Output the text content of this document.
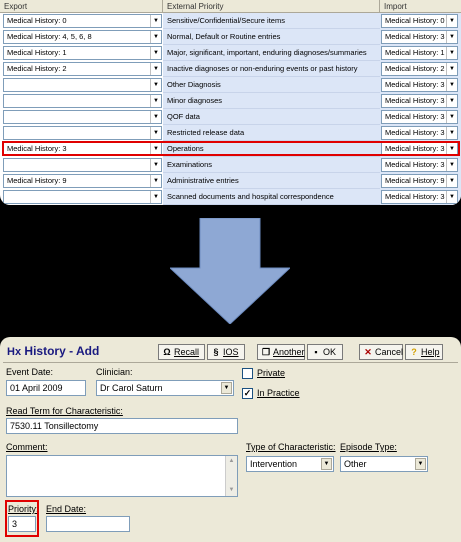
Export	External Priority	Import
Medical History: 0	▼	Sensitive/Confidential/Secure items	Medical History: 0 ▼
Medical History: 4, 5, 6, 8	▼	Normal, Default or Routine entries	Medical History: 3 ▼
Medical History: 1	▼	Major, significant, important, enduring diagnoses/summaries	Medical History: 1 ▼
Medical History: 2	▼	Inactive diagnoses or non-enduring events or past history	Medical History: 2 ▼
▼	Other Diagnosis	Medical History: 3 ▼
▼	Minor diagnoses	Medical History: 3 ▼
▼	QOF data	Medical History: 3 ▼
▼	Restricted release data	Medical History: 3 ▼
Medical History: 3	▼	Operations	Medical History: 3 ▼
▼	Examinations	Medical History: 3 ▼
Medical History: 9	▼	Administrative entries	Medical History: 9 ▼
▼	Scanned documents and hospital correspondence	Medical History: 3 ▼
Hx History - Add	Ω Recall	§ IOS	❐ Another	▪ OK	✕ Cancel ? Help
Event Date:
01 April 2009
Clinician:
Dr Carol Saturn	▼
Private
✓ In Practice
Read Term for Characteristic:
7530.11 Tonsillectomy
Comment:
▲
▼
Type of Characteristic:
Intervention	▼
Episode Type:
Other	▼
Priority:
3
End Date:
